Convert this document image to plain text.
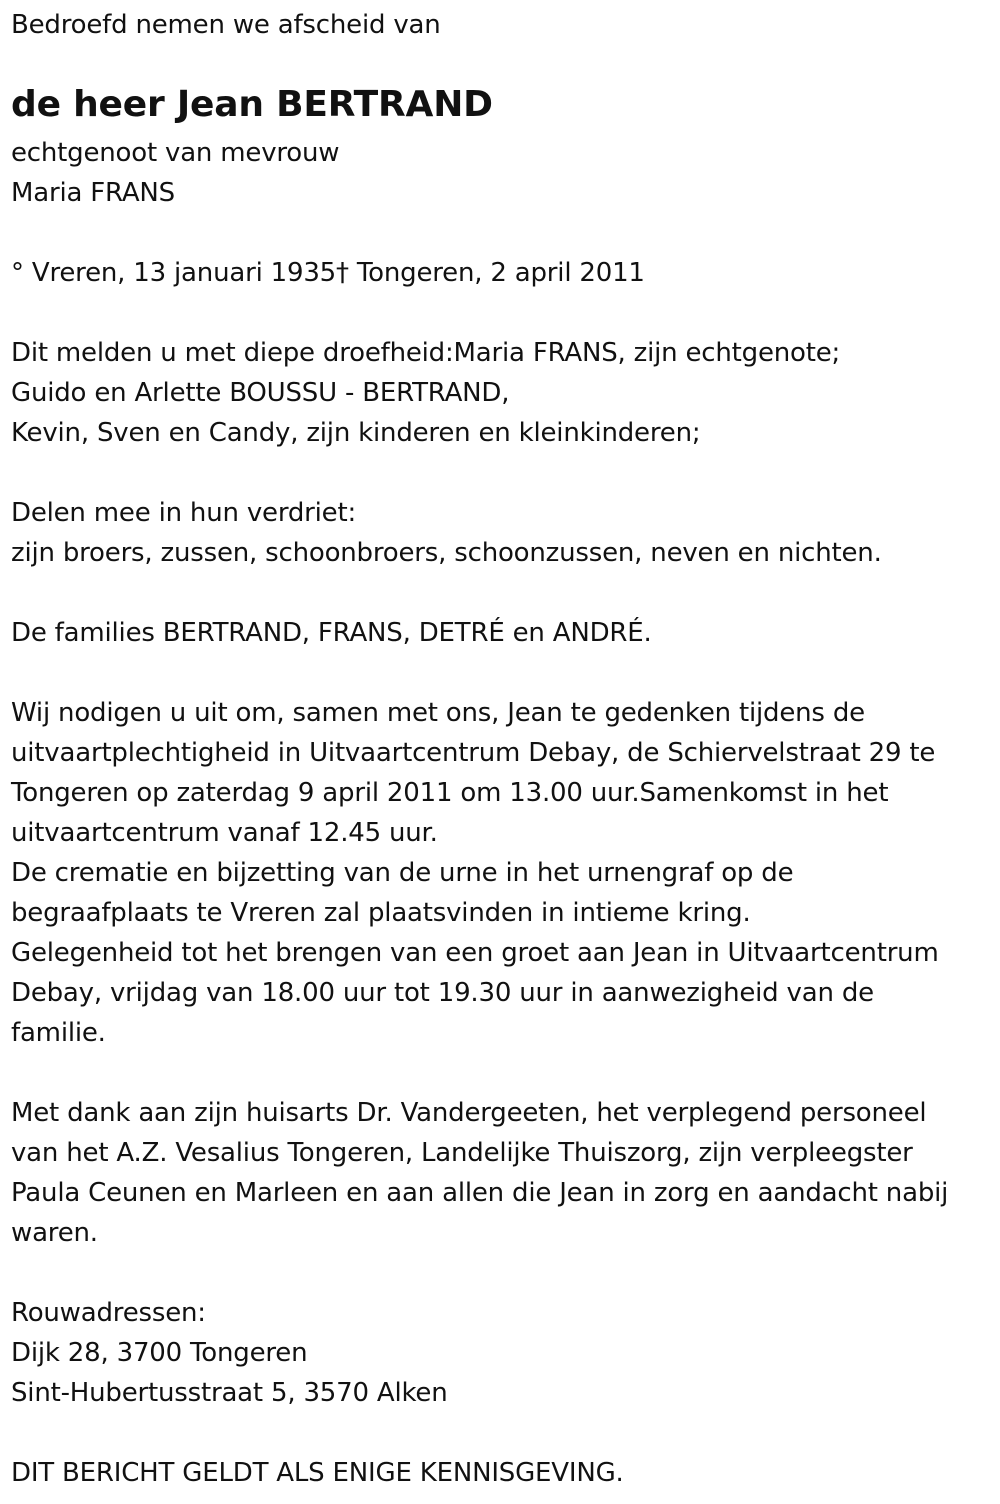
Bedroefd nemen we afscheid van
de heer Jean BERTRAND
echtgenoot van mevrouw
Maria FRANS
° Vreren, 13 januari 1935† Tongeren, 2 april 2011
Dit melden u met diepe droefheid:Maria FRANS, zijn echtgenote;
Guido en Arlette BOUSSU - BERTRAND,
Kevin, Sven en Candy, zijn kinderen en kleinkinderen;
Delen mee in hun verdriet:
zijn broers, zussen, schoonbroers, schoonzussen, neven en nichten.
De families BERTRAND, FRANS, DETRÉ en ANDRÉ.
Wij nodigen u uit om, samen met ons, Jean te gedenken tijdens de
uitvaartplechtigheid in Uitvaartcentrum Debay, de Schiervelstraat 29 te
Tongeren op zaterdag 9 april 2011 om 13.00 uur.Samenkomst in het
uitvaartcentrum vanaf 12.45 uur.
De crematie en bijzetting van de urne in het urnengraf op de
begraafplaats te Vreren zal plaatsvinden in intieme kring.
Gelegenheid tot het brengen van een groet aan Jean in Uitvaartcentrum
Debay, vrijdag van 18.00 uur tot 19.30 uur in aanwezigheid van de
familie.
Met dank aan zijn huisarts Dr. Vandergeeten, het verplegend personeel
van het A.Z. Vesalius Tongeren, Landelijke Thuiszorg, zijn verpleegster
Paula Ceunen en Marleen en aan allen die Jean in zorg en aandacht nabij
waren.
Rouwadressen:
Dijk 28, 3700 Tongeren
Sint-Hubertusstraat 5, 3570 Alken
DIT BERICHT GELDT ALS ENIGE KENNISGEVING.
